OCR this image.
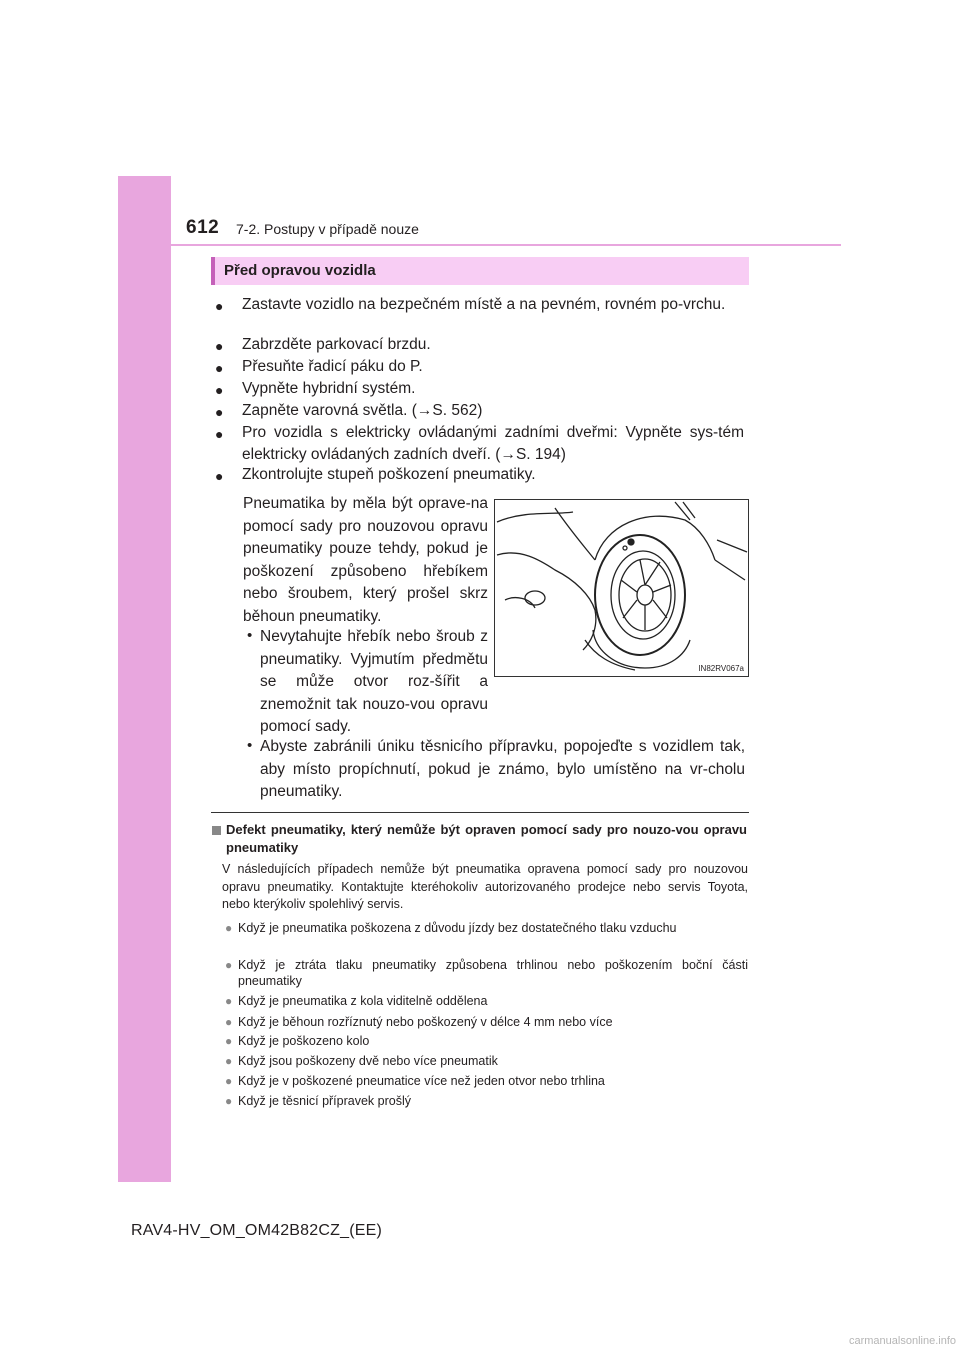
612 7-2. Postupy v případě nouze
Před opravou vozidla
● Zastavte vozidlo na bezpečném místě a na pevném, rovném po-vrchu.
● Zabrzděte parkovací brzdu.
● Přesuňte řadicí páku do P.
● Vypněte hybridní systém.
● Zapněte varovná světla. (→S. 562)
● Pro vozidla s elektricky ovládanými zadními dveřmi: Vypněte sys-tém elektricky ovládaných zadních dveří. (→S. 194)
● Zkontrolujte stupeň poškození pneumatiky.
Pneumatika by měla být oprave-na pomocí sady pro nouzovou opravu pneumatiky pouze tehdy, pokud je poškození způsobeno hřebíkem nebo šroubem, který prošel skrz běhoun pneumatiky.
• Nevytahujte hřebík nebo šroub z pneumatiky. Vyjmutím předmětu se může otvor roz-šířit a znemožnit tak nouzo-vou opravu pomocí sady.
• Abyste zabránili úniku těsnicího přípravku, popojeďte s vozidlem tak, aby místo propíchnutí, pokud je známo, bylo umístěno na vr-cholu pneumatiky.
IN82RV067a
Defekt pneumatiky, který nemůže být opraven pomocí sady pro nouzo-vou opravu pneumatiky
V následujících případech nemůže být pneumatika opravena pomocí sady pro nouzovou opravu pneumatiky. Kontaktujte kteréhokoliv autorizovaného prodejce nebo servis Toyota, nebo kterýkoliv spolehlivý servis.
● Když je pneumatika poškozena z důvodu jízdy bez dostatečného tlaku vzduchu
● Když je ztráta tlaku pneumatiky způsobena trhlinou nebo poškozením boční části pneumatiky
● Když je pneumatika z kola viditelně oddělena
● Když je běhoun rozříznutý nebo poškozený v délce 4 mm nebo více
● Když je poškozeno kolo
● Když jsou poškozeny dvě nebo více pneumatik
● Když je v poškozené pneumatice více než jeden otvor nebo trhlina
● Když je těsnicí přípravek prošlý
RAV4-HV_OM_OM42B82CZ_(EE)
carmanualsonline.info
